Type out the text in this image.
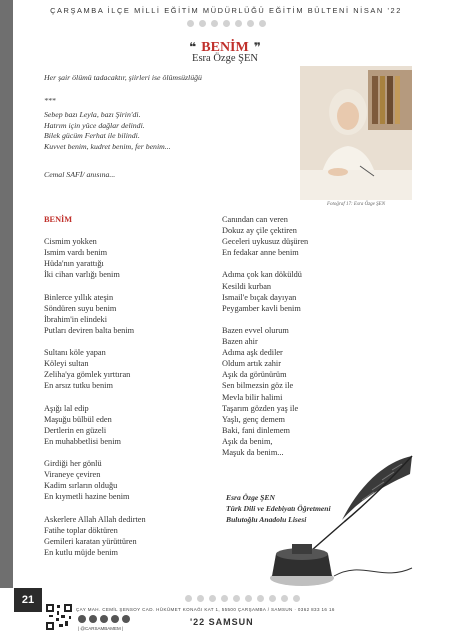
ÇARŞAMBA İLÇE MİLLİ EĞİTİM MÜDÜRLÜĞÜ EĞİTİM BÜLTENİ NİSAN '22
❝ BENİM ❞
Esra Özge ŞEN
Her şair ölümü tadacaktır, şiirleri ise ölümsüzlüğü
***
Sebep bazı Leyla, bazı Şirin'di.
Hatrım için yüce dağlar delindi.
Bilek gücüm Ferhat ile bilindi.
Kuvvet benim, kudret benim, fer benim...
Cemal SAFİ/ anısına...
Fotoğraf 17: Esra Özge ŞEN
BENİM
Cismim yokken
Ismim vardı benim
Hüda'nın yarattığı
İki cihan varlığı benim
Binlerce yıllık ateşin
Söndüren suyu benim
İbrahim'in elindeki
Putları deviren balta benim
Sultanı köle yapan
Köleyi sultan
Zeliha'ya gömlek yırttıran
En arsız tutku benim
Aşığı lal edip
Maşuğu bülbül eden
Dertlerin en güzeli
En muhabbetlisi benim
Girdiği her gönlü
Viraneye çeviren
Kadim sırların olduğu
En kıymetli hazine benim
Askerlere Allah Allah dedirten
Fatihe toplar döktüren
Gemileri karatan yürüttüren
En kutlu müjde benim
Canından can veren
Dokuz ay çile çektiren
Geceleri uykusuz düşüren
En fedakar anne benim
Adıma çok kan döküldü
Kesildi kurban
Ismail'e bıçak dayıyan
Peygamber kavli benim
Bazen evvel olurum
Bazen ahir
Adıma aşk dediler
Oldum artık zahir
Aşık da görünürüm
Sen bilmezsin göz ile
Mevla bilir halimi
Taşarım gözden yaş ile
Yaşlı, genç demem
Baki, fani dinlemem
Aşık da benim,
Maşuk da benim...
Esra Özge ŞEN
Türk Dili ve Edebiyatı Öğretmeni
Bulutoğlu Anadolu Lisesi
21
ÇAY MAH. CEMİL ŞENSOY CAD. HÜKÜMET KONAĞI KAT 1, 55500 ÇARŞAMBA / SAMSUN · 0362 833 16 16
| @CARSAMBAMEM |
'22 SAMSUN
